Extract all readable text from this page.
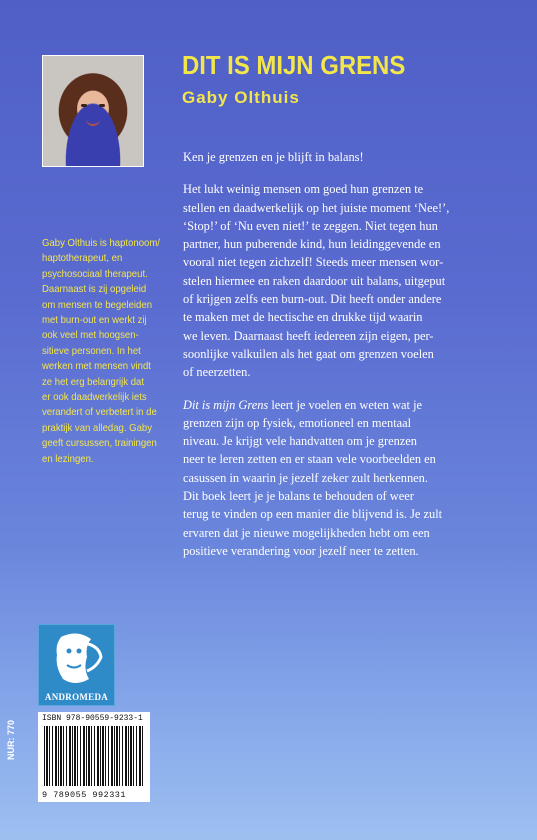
DIT IS MIJN GRENS
Gaby Olthuis
Gaby Olthuis is haptonoom/
haptotherapeut, en
psychosociaal therapeut.
Daarnaast is zij opgeleid
om mensen te begeleiden
met burn-out en werkt zij
ook veel met hoogsen-
sitieve personen. In het
werken met mensen vindt
ze het erg belangrijk dat
er ook daadwerkelijk iets
verandert of verbetert in de
praktijk van alledag. Gaby
geeft cursussen, trainingen
en lezingen.
Ken je grenzen en je blijft in balans!
Het lukt weinig mensen om goed hun grenzen te
stellen en daadwerkelijk op het juiste moment ‘Nee!’,
‘Stop!’ of ‘Nu even niet!’ te zeggen. Niet tegen hun
partner, hun puberende kind, hun leidinggevende en
vooral niet tegen zichzelf! Steeds meer mensen wor-
stelen hiermee en raken daardoor uit balans, uitgeput
of krijgen zelfs een burn-out. Dit heeft onder andere
te maken met de hectische en drukke tijd waarin
we leven. Daarnaast heeft iedereen zijn eigen, per-
soonlijke valkuilen als het gaat om grenzen voelen
of neerzetten.
Dit is mijn Grens leert je voelen en weten wat je
grenzen zijn op fysiek, emotioneel en mentaal
niveau. Je krijgt vele handvatten om je grenzen
neer te leren zetten en er staan vele voorbeelden en
casussen in waarin je jezelf zeker zult herkennen.
Dit boek leert je je balans te behouden of weer
terug te vinden op een manier die blijvend is. Je zult
ervaren dat je nieuwe mogelijkheden hebt om een
positieve verandering voor jezelf neer te zetten.
ANDROMEDA
ISBN 978-90559-9233-1
9 789055 992331
NUR: 770
